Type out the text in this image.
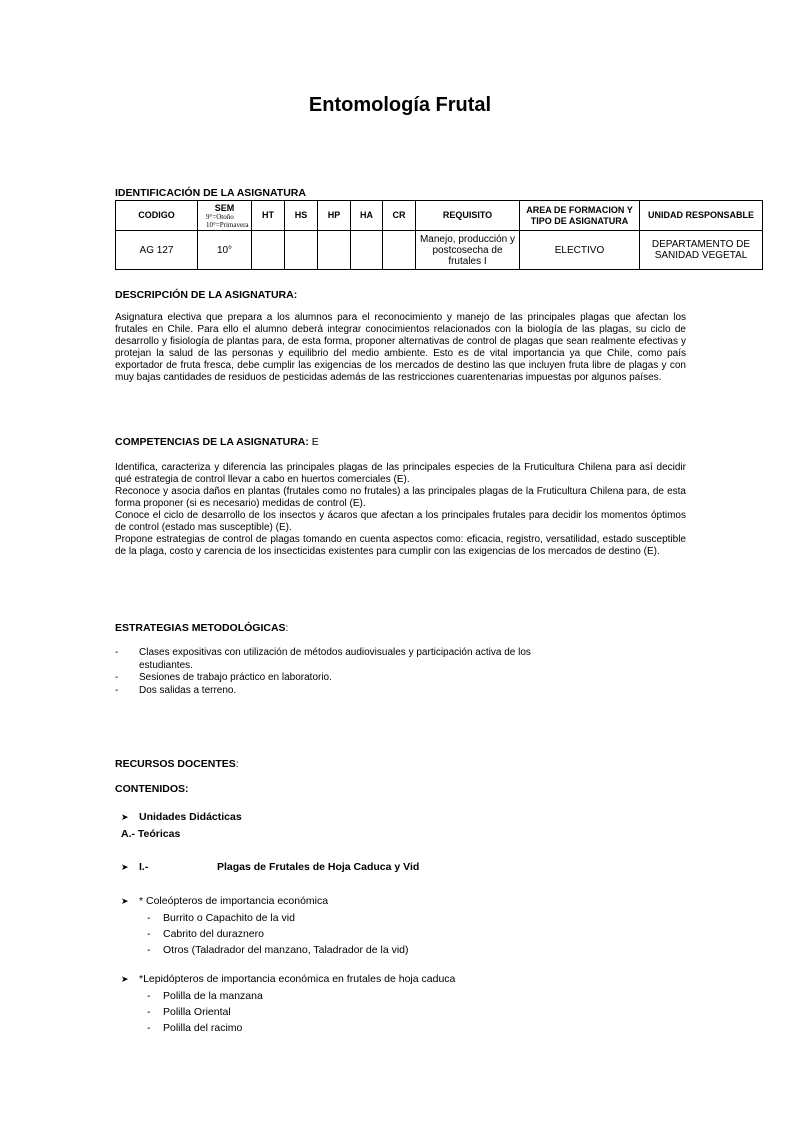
Entomología Frutal
IDENTIFICACIÓN DE LA ASIGNATURA
CODIGO	SEM
9°=Otoño
10°=Primavera	HT	HS	HP	HA	CR	REQUISITO	AREA DE FORMACION Y TIPO DE ASIGNATURA	UNIDAD RESPONSABLE
AG 127	10°						Manejo, producción y postcosecha de frutales I	ELECTIVO	DEPARTAMENTO DE SANIDAD VEGETAL
DESCRIPCIÓN DE LA ASIGNATURA:

Asignatura electiva que prepara a los alumnos para el reconocimiento y manejo de las principales plagas que afectan los frutales en Chile. Para ello el alumno deberá integrar conocimientos relacionados con la biología de las plagas, su ciclo de desarrollo y fisiología de plantas para, de esta forma, proponer alternativas de control de plagas que sean realmente efectivas y protejan la salud de las personas y equilibrio del medio ambiente. Esto es de vital importancia ya que Chile, como país exportador de fruta fresca, debe cumplir las exigencias de los mercados de destino las que incluyen fruta libre de plagas y con muy bajas cantidades de residuos de pesticidas además de las restricciones cuarentenarias impuestas por algunos países.

COMPETENCIAS DE LA ASIGNATURA: E

Identifica, caracteriza y diferencia las principales plagas de las principales especies de la Fruticultura Chilena para así decidir qué estrategia de control llevar a cabo en huertos comerciales (E).

Reconoce y asocia daños en plantas (frutales como no frutales) a las principales plagas de la Fruticultura Chilena para, de esta forma proponer (si es necesario) medidas de control (E).

Conoce el ciclo de desarrollo de los insectos y ácaros que afectan a los principales frutales para decidir los momentos óptimos de control (estado mas susceptible) (E).

Propone estrategias de control de plagas tomando en cuenta aspectos como: eficacia, registro, versatilidad, estado susceptible de la plaga, costo y carencia de los insecticidas existentes para cumplir con las exigencias de los mercados de destino (E).

ESTRATEGIAS METODOLÓGICAS:
- Clases expositivas con utilización de métodos audiovisuales y participación activa de los estudiantes.
- Sesiones de trabajo práctico en laboratorio.
- Dos salidas a terreno.
RECURSOS DOCENTES:
CONTENIDOS:
➤ Unidades Didácticas
A.- Teóricas
➤ I.-	Plagas de Frutales de Hoja Caduca y Vid
➤ * Coleópteros de importancia económica
- Burrito o Capachito de la vid
- Cabrito del duraznero
- Otros (Taladrador del manzano, Taladrador de la vid)
➤ *Lepidópteros de importancia económica en frutales de hoja caduca
- Polilla de la manzana
- Polilla Oriental
- Polilla del racimo
